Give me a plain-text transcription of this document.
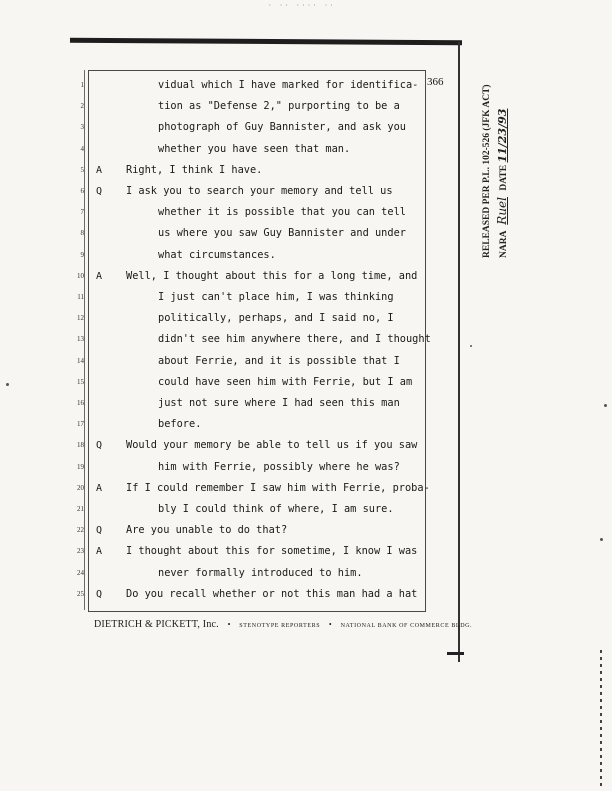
· ·· ···· ··
366
1	vidual which I have marked for identifica-
2	tion as "Defense 2," purporting to be a
3	photograph of Guy Bannister, and ask you
4	whether you have seen that man.
5 A Right, I think I have.
6 Q I ask you to search your memory and tell us
7	whether it is possible that you can tell
8	us where you saw Guy Bannister and under
9	what circumstances.
10 A Well, I thought about this for a long time, and
11	I just can't place him, I was thinking
12	politically, perhaps, and I said no, I
13	didn't see him anywhere there, and I thought
14	about Ferrie, and it is possible that I
15	could have seen him with Ferrie, but I am
16	just not sure where I had seen this man
17	before.
18 Q Would your memory be able to tell us if you saw
19	him with Ferrie, possibly where he was?
20 A If I could remember I saw him with Ferrie, proba-
21	bly I could think of where, I am sure.
22 Q Are you unable to do that?
23 A I thought about this for sometime, I know I was
24	never formally introduced to him.
25 Q Do you recall whether or not this man had a hat
DIETRICH & PICKETT, Inc. • STENOTYPE REPORTERS • NATIONAL BANK OF COMMERCE BLDG.
RELEASED PER P.L. 102-526 (JFK ACT) NARA Ruel DATE 11/23/93
